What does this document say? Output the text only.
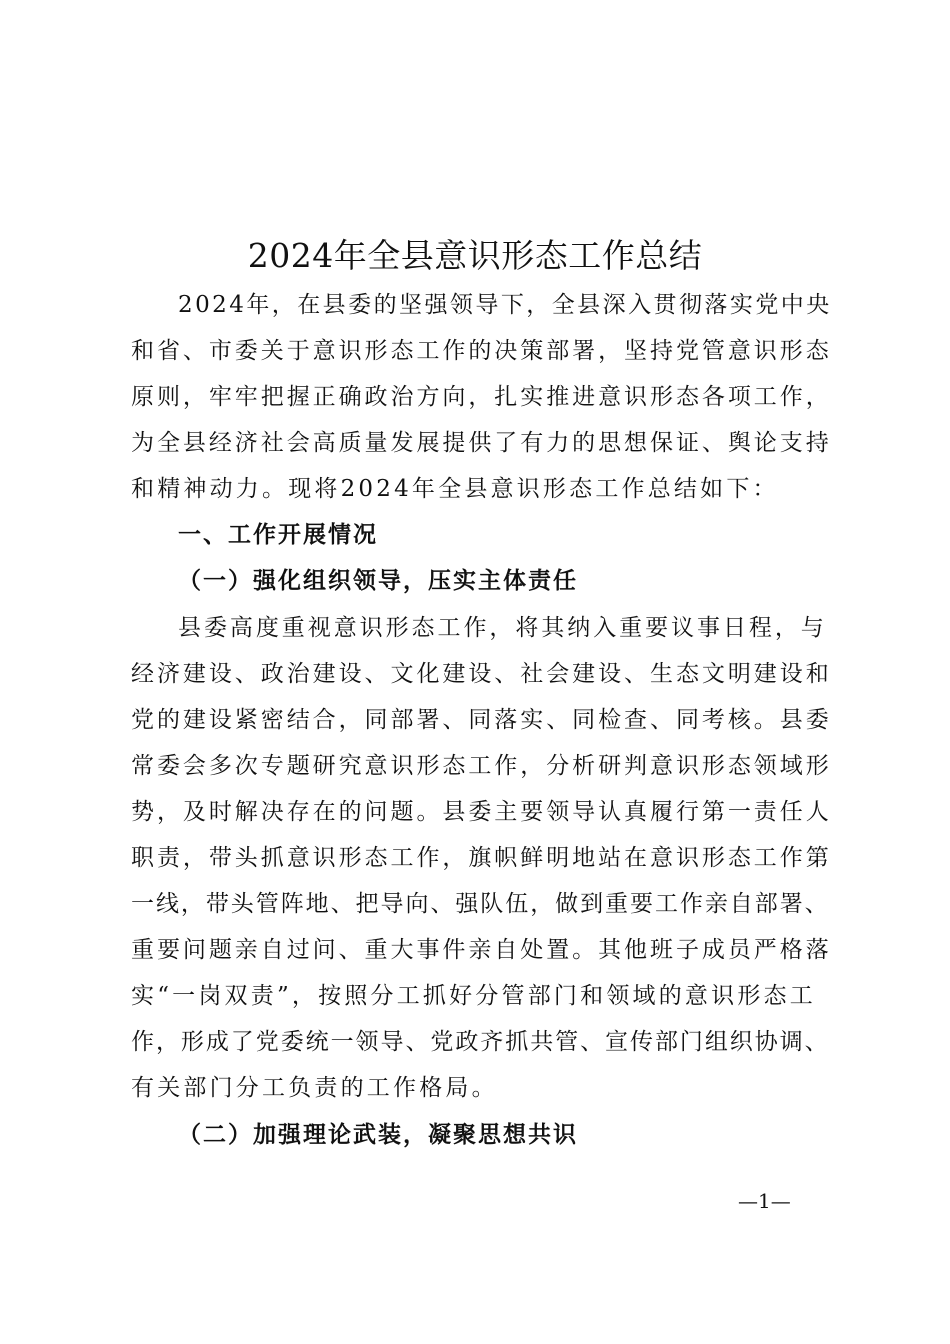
2024年全县意识形态工作总结
2024年，在县委的坚强领导下，全县深入贯彻落实党中央
和省、市委关于意识形态工作的决策部署，坚持党管意识形态
原则，牢牢把握正确政治方向，扎实推进意识形态各项工作，
为全县经济社会高质量发展提供了有力的思想保证、舆论支持
和精神动力。现将2024年全县意识形态工作总结如下：
一、工作开展情况
（一）强化组织领导，压实主体责任
县委高度重视意识形态工作，将其纳入重要议事日程，与
经济建设、政治建设、文化建设、社会建设、生态文明建设和
党的建设紧密结合，同部署、同落实、同检查、同考核。县委
常委会多次专题研究意识形态工作，分析研判意识形态领域形
势，及时解决存在的问题。县委主要领导认真履行第一责任人
职责，带头抓意识形态工作，旗帜鲜明地站在意识形态工作第
一线，带头管阵地、把导向、强队伍，做到重要工作亲自部署、
重要问题亲自过问、重大事件亲自处置。其他班子成员严格落
实“一岗双责”，按照分工抓好分管部门和领域的意识形态工
作，形成了党委统一领导、党政齐抓共管、宣传部门组织协调、
有关部门分工负责的工作格局。
（二）加强理论武装，凝聚思想共识
—1—
